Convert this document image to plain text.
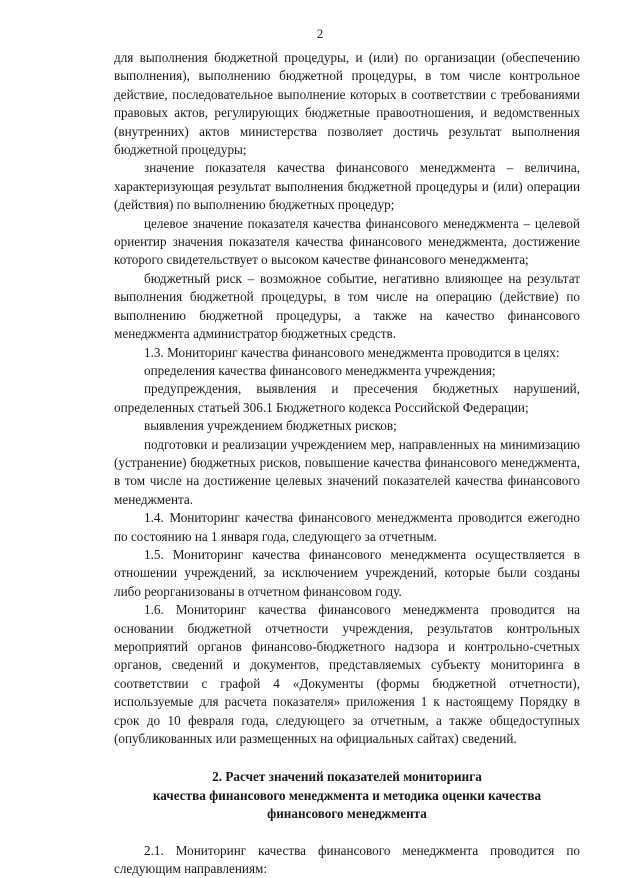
2

для выполнения бюджетной процедуры, и (или) по организации (обеспечению выполнения), выполнению бюджетной процедуры, в том числе контрольное действие, последовательное выполнение которых в соответствии с требованиями правовых актов, регулирующих бюджетные правоотношения, и ведомственных (внутренних) актов министерства позволяет достичь результат выполнения бюджетной процедуры;

значение показателя качества финансового менеджмента – величина, характеризующая результат выполнения бюджетной процедуры и (или) операции (действия) по выполнению бюджетных процедур;

целевое значение показателя качества финансового менеджмента – целевой ориентир значения показателя качества финансового менеджмента, достижение которого свидетельствует о высоком качестве финансового менеджмента;

бюджетный риск – возможное событие, негативно влияющее на результат выполнения бюджетной процедуры, в том числе на операцию (действие) по выполнению бюджетной процедуры, а также на качество финансового менеджмента администратор бюджетных средств.

1.3. Мониторинг качества финансового менеджмента проводится в целях:

определения качества финансового менеджмента учреждения;

предупреждения, выявления и пресечения бюджетных нарушений, определенных статьей 306.1 Бюджетного кодекса Российской Федерации;

выявления учреждением бюджетных рисков;

подготовки и реализации учреждением мер, направленных на минимизацию (устранение) бюджетных рисков, повышение качества финансового менеджмента, в том числе на достижение целевых значений показателей качества финансового менеджмента.

1.4. Мониторинг качества финансового менеджмента проводится ежегодно по состоянию на 1 января года, следующего за отчетным.

1.5. Мониторинг качества финансового менеджмента осуществляется в отношении учреждений, за исключением учреждений, которые были созданы либо реорганизованы в отчетном финансовом году.

1.6. Мониторинг качества финансового менеджмента проводится на основании бюджетной отчетности учреждения, результатов контрольных мероприятий органов финансово-бюджетного надзора и контрольно-счетных органов, сведений и документов, представляемых субъекту мониторинга в соответствии с графой 4 «Документы (формы бюджетной отчетности), используемые для расчета показателя» приложения 1 к настоящему Порядку в срок до 10 февраля года, следующего за отчетным, а также общедоступных (опубликованных или размещенных на официальных сайтах) сведений.

2. Расчет значений показателей мониторинга
качества финансового менеджмента и методика оценки качества
финансового менеджмента

2.1. Мониторинг качества финансового менеджмента проводится по следующим направлениям:
